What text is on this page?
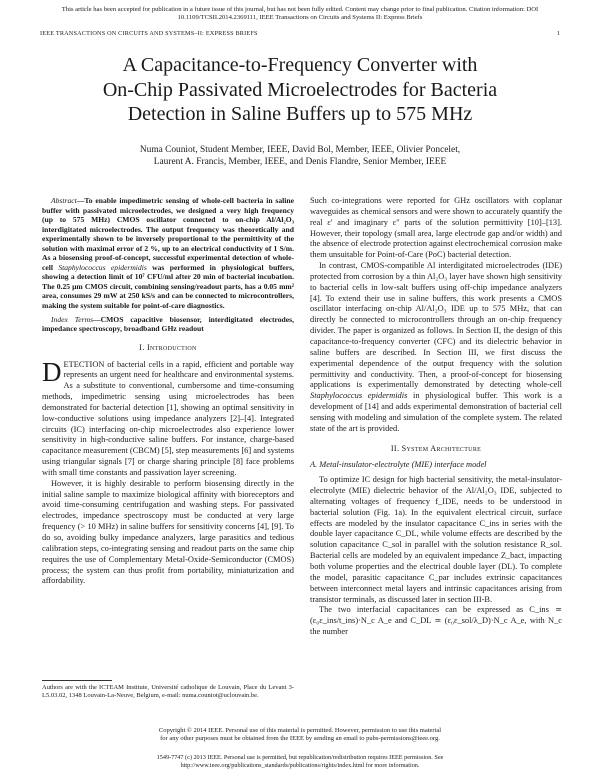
This article has been accepted for publication in a future issue of this journal, but has not been fully edited. Content may change prior to final publication. Citation information: DOI
10.1109/TCSII.2014.2369111, IEEE Transactions on Circuits and Systems II: Express Briefs
IEEE TRANSACTIONS ON CIRCUITS AND SYSTEMS–II: EXPRESS BRIEFS	1
A Capacitance-to-Frequency Converter with
On-Chip Passivated Microelectrodes for Bacteria
Detection in Saline Buffers up to 575 MHz
Numa Couniot, Student Member, IEEE, David Bol, Member, IEEE, Olivier Poncelet,
Laurent A. Francis, Member, IEEE, and Denis Flandre, Senior Member, IEEE

Abstract—To enable impedimetric sensing of whole-cell bacteria in saline buffer with passivated microelectrodes, we designed a very high frequency (up to 575 MHz) CMOS oscillator connected to on-chip Al/Al₂O₃ interdigitated microelectrodes. The output frequency was theoretically and experimentally shown to be inversely proportional to the permittivity of the solution with maximal error of 2 %, up to an electrical conductivity of 1 S/m. As a biosensing proof-of-concept, successful experimental detection of whole-cell Staphylococcus epidermidis was performed in physiological buffers, showing a detection limit of 10⁷ CFU/ml after 20 min of bacterial incubation. The 0.25 μm CMOS circuit, combining sensing/readout parts, has a 0.05 mm² area, consumes 29 mW at 250 kS/s and can be connected to microcontrollers, making the system suitable for point-of-care diagnostics.

Index Terms—CMOS capacitive biosensor, interdigitated electrodes, impedance spectroscopy, broadband GHz readout

I. Introduction

DETECTION of bacterial cells in a rapid, efficient and portable way represents an urgent need for healthcare and environmental systems. As a substitute to conventional, cumbersome and time-consuming methods, impedimetric sensing using microelectrodes has been demonstrated for bacterial detection [1], showing an optimal sensitivity in low-conductive solutions using impedance analyzers [2]–[4]. Integrated circuits (IC) interfacing on-chip microelectrodes also experience lower sensitivity in high-conductive saline buffers. For instance, charge-based capacitance measurement (CBCM) [5], step measurements [6] and systems using triangular signals [7] or charge sharing principle [8] face problems with small time constants and passivation layer screening.

However, it is highly desirable to perform biosensing directly in the initial saline sample to maximize biological affinity with bioreceptors and avoid time-consuming centrifugation and washing steps. For passivated electrodes, impedance spectroscopy must be conducted at very large frequency (> 10 MHz) in saline buffers for sensitivity concerns [4], [9]. To do so, avoiding bulky impedance analyzers, large parasitics and tedious calibration steps, co-integrating sensing and readout parts on the same chip requires the use of Complementary Metal-Oxide-Semiconductor (CMOS) process; the system can thus profit from portability, miniaturization and affordability.

Authors are with the ICTEAM Institute, Université catholique de Louvain, Place du Levant 3-L5.03.02, 1348 Louvain-La-Neuve, Belgium, e-mail: numa.couniot@uclouvain.be.

Such co-integrations were reported for GHz oscillators with coplanar waveguides as chemical sensors and were shown to accurately quantify the real ε′ and imaginary ε″ parts of the solution permittivity [10]–[13]. However, their topology (small area, large electrode gap and/or width) and the absence of electrode protection against electrochemical corrosion make them unsuitable for Point-of-Care (PoC) bacterial detection.

In contrast, CMOS-compatible Al interdigitated microelectrodes (IDE) protected from corrosion by a thin Al₂O₃ layer have shown high sensitivity to bacterial cells in low-salt buffers using off-chip impedance analyzers [4]. To extend their use in saline buffers, this work presents a CMOS oscillator interfacing on-chip Al/Al₂O₃ IDE up to 575 MHz, that can directly be connected to microcontrollers through an on-chip frequency divider. The paper is organized as follows. In Section II, the design of this capacitance-to-frequency converter (CFC) and its dielectric behavior in saline buffers are described. In Section III, we first discuss the experimental dependence of the output frequency with the solution permittivity and conductivity. Then, a proof-of-concept for biosensing applications is experimentally demonstrated by detecting whole-cell Staphylococcus epidermidis in physiological buffer. This work is a development of [14] and adds experimental demonstration of bacterial cell sensing with modeling and simulation of the complete system. The related state of the art is provided.

II. System Architecture

A. Metal-insulator-electrolyte (MIE) interface model

To optimize IC design for high bacterial sensitivity, the metal-insulator-electrolyte (MIE) dielectric behavior of the Al/Al₂O₃ IDE, subjected to alternating voltages of frequency f_IDE, needs to be understood in bacterial solution (Fig. 1a). In the equivalent electrical circuit, surface effects are modeled by the insulator capacitance C_ins in series with the double layer capacitance C_DL, while volume effects are described by the solution capacitance C_sol in parallel with the solution resistance R_sol. Bacterial cells are modeled by an equivalent impedance Z_bact, impacting both volume properties and the electrical double layer (DL). To complete the model, parasitic capacitance C_par includes extrinsic capacitances between interconnect metal layers and intrinsic capacitances arising from transistor terminals, as discussed later in section III-B.

The two interfacial capacitances can be expressed as C_ins ≃ (ε₀ε_ins/t_ins)·N_c A_e and C_DL ≃ (ε₀ε_sol/λ_D)·N_c A_e, with N_c the number

Copyright © 2014 IEEE. Personal use of this material is permitted. However, permission to use this material
for any other purposes must be obtained from the IEEE by sending an email to pubs-permissions@ieee.org.
1549-7747 (c) 2013 IEEE. Personal use is permitted, but republication/redistribution requires IEEE permission. See
http://www.ieee.org/publications_standards/publications/rights/index.html for more information.
